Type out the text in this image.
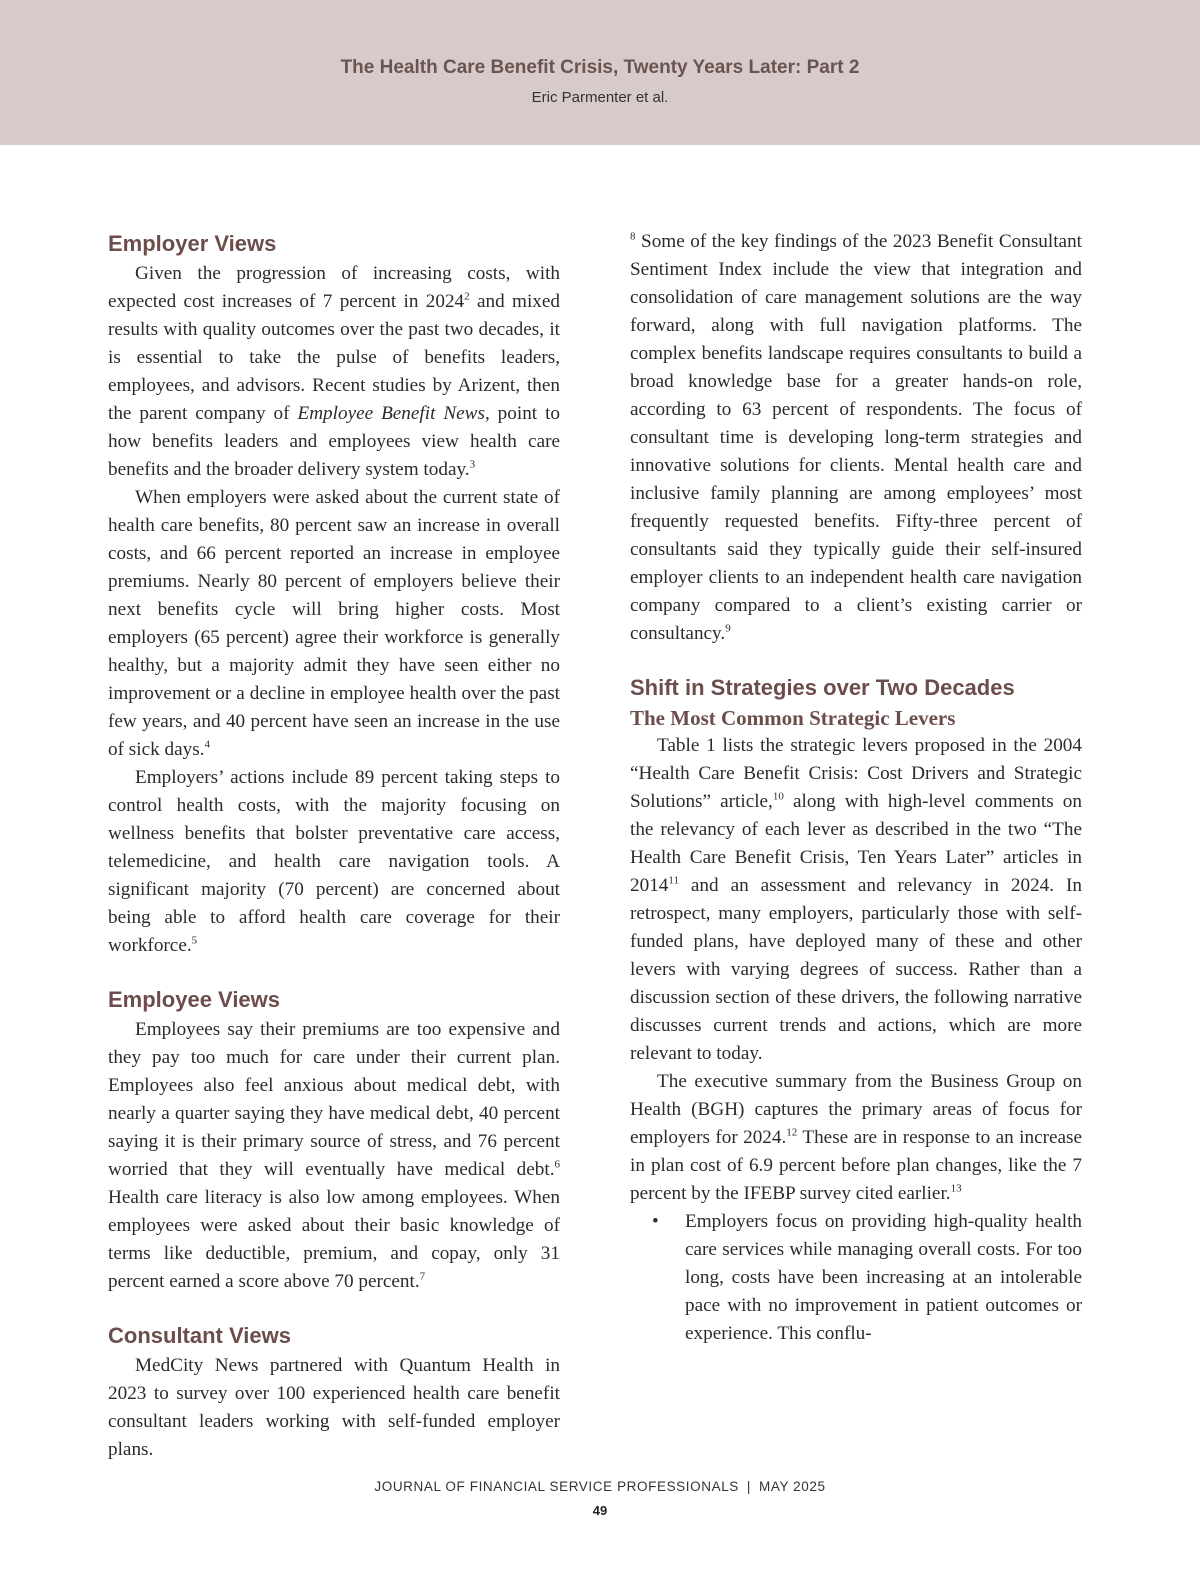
The Health Care Benefit Crisis, Twenty Years Later: Part 2
Eric Parmenter et al.
Employer Views

Given the progression of increasing costs, with expected cost increases of 7 percent in 2024$^2$ and mixed results with quality outcomes over the past two decades, it is essential to take the pulse of benefits leaders, employees, and advisors. Recent studies by Arizent, then the parent company of Employee Benefit News, point to how benefits leaders and employees view health care benefits and the broader delivery system today.$^3$

When employers were asked about the current state of health care benefits, 80 percent saw an increase in overall costs, and 66 percent reported an increase in employee premiums. Nearly 80 percent of employers believe their next benefits cycle will bring higher costs. Most employers (65 percent) agree their workforce is generally healthy, but a majority admit they have seen either no improvement or a decline in employee health over the past few years, and 40 percent have seen an increase in the use of sick days.$^4$

Employers’ actions include 89 percent taking steps to control health costs, with the majority focusing on wellness benefits that bolster preventative care access, telemedicine, and health care navigation tools. A significant majority (70 percent) are concerned about being able to afford health care coverage for their workforce.$^5$

Employee Views

Employees say their premiums are too expensive and they pay too much for care under their current plan. Employees also feel anxious about medical debt, with nearly a quarter saying they have medical debt, 40 percent saying it is their primary source of stress, and 76 percent worried that they will eventually have medical debt.$^6$ Health care literacy is also low among employees. When employees were asked about their basic knowledge of terms like deductible, premium, and copay, only 31 percent earned a score above 70 percent.$^7$

Consultant Views

MedCity News partnered with Quantum Health in 2023 to survey over 100 experienced health care benefit consultant leaders working with self-funded employer plans.

$^8$ Some of the key findings of the 2023 Benefit Consultant Sentiment Index include the view that integration and consolidation of care management solutions are the way forward, along with full navigation platforms. The complex benefits landscape requires consultants to build a broad knowledge base for a greater hands-on role, according to 63 percent of respondents. The focus of consultant time is developing long-term strategies and innovative solutions for clients. Mental health care and inclusive family planning are among employees’ most frequently requested benefits. Fifty-three percent of consultants said they typically guide their self-insured employer clients to an independent health care navigation company compared to a client’s existing carrier or consultancy.$^9$

Shift in Strategies over Two Decades
The Most Common Strategic Levers

Table 1 lists the strategic levers proposed in the 2004 “Health Care Benefit Crisis: Cost Drivers and Strategic Solutions” article,$^{10}$ along with high-level comments on the relevancy of each lever as described in the two “The Health Care Benefit Crisis, Ten Years Later” articles in 2014$^{11}$ and an assessment and relevancy in 2024. In retrospect, many employers, particularly those with self-funded plans, have deployed many of these and other levers with varying degrees of success. Rather than a discussion section of these drivers, the following narrative discusses current trends and actions, which are more relevant to today.

The executive summary from the Business Group on Health (BGH) captures the primary areas of focus for employers for 2024.12 These are in response to an increase in plan cost of 6.9 percent before plan changes, like the 7 percent by the IFEBP survey cited earlier.$^{13}$

• Employers focus on providing high-quality health care services while managing overall costs. For too long, costs have been increasing at an intolerable pace with no improvement in patient outcomes or experience. This conflu-
JOURNAL OF FINANCIAL SERVICE PROFESSIONALS | MAY 2025
49
